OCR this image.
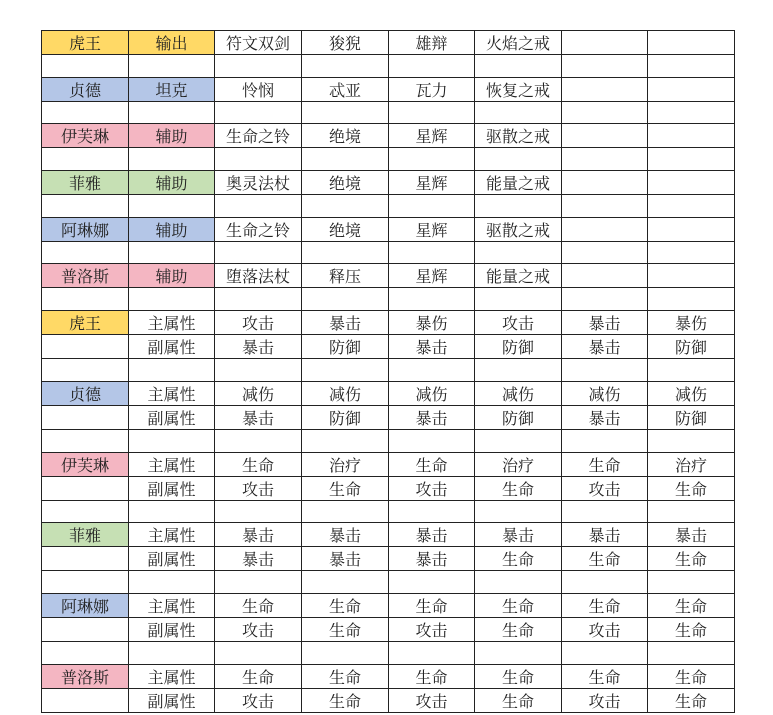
虎王	输出	符文双剑	狻猊	雄辩	火焰之戒		

贞德	坦克	怜悯	忒亚	瓦力	恢复之戒		

伊芙琳	辅助	生命之铃	绝境	星辉	驱散之戒		

菲雅	辅助	奥灵法杖	绝境	星辉	能量之戒		

阿琳娜	辅助	生命之铃	绝境	星辉	驱散之戒		

普洛斯	辅助	堕落法杖	释压	星辉	能量之戒		

虎王	主属性	攻击	暴击	暴伤	攻击	暴击	暴伤
	副属性	暴击	防御	暴击	防御	暴击	防御

贞德	主属性	减伤	减伤	减伤	减伤	减伤	减伤
	副属性	暴击	防御	暴击	防御	暴击	防御

伊芙琳	主属性	生命	治疗	生命	治疗	生命	治疗
	副属性	攻击	生命	攻击	生命	攻击	生命

菲雅	主属性	暴击	暴击	暴击	暴击	暴击	暴击
	副属性	暴击	暴击	暴击	生命	生命	生命

阿琳娜	主属性	生命	生命	生命	生命	生命	生命
	副属性	攻击	生命	攻击	生命	攻击	生命

普洛斯	主属性	生命	生命	生命	生命	生命	生命
	副属性	攻击	生命	攻击	生命	攻击	生命
